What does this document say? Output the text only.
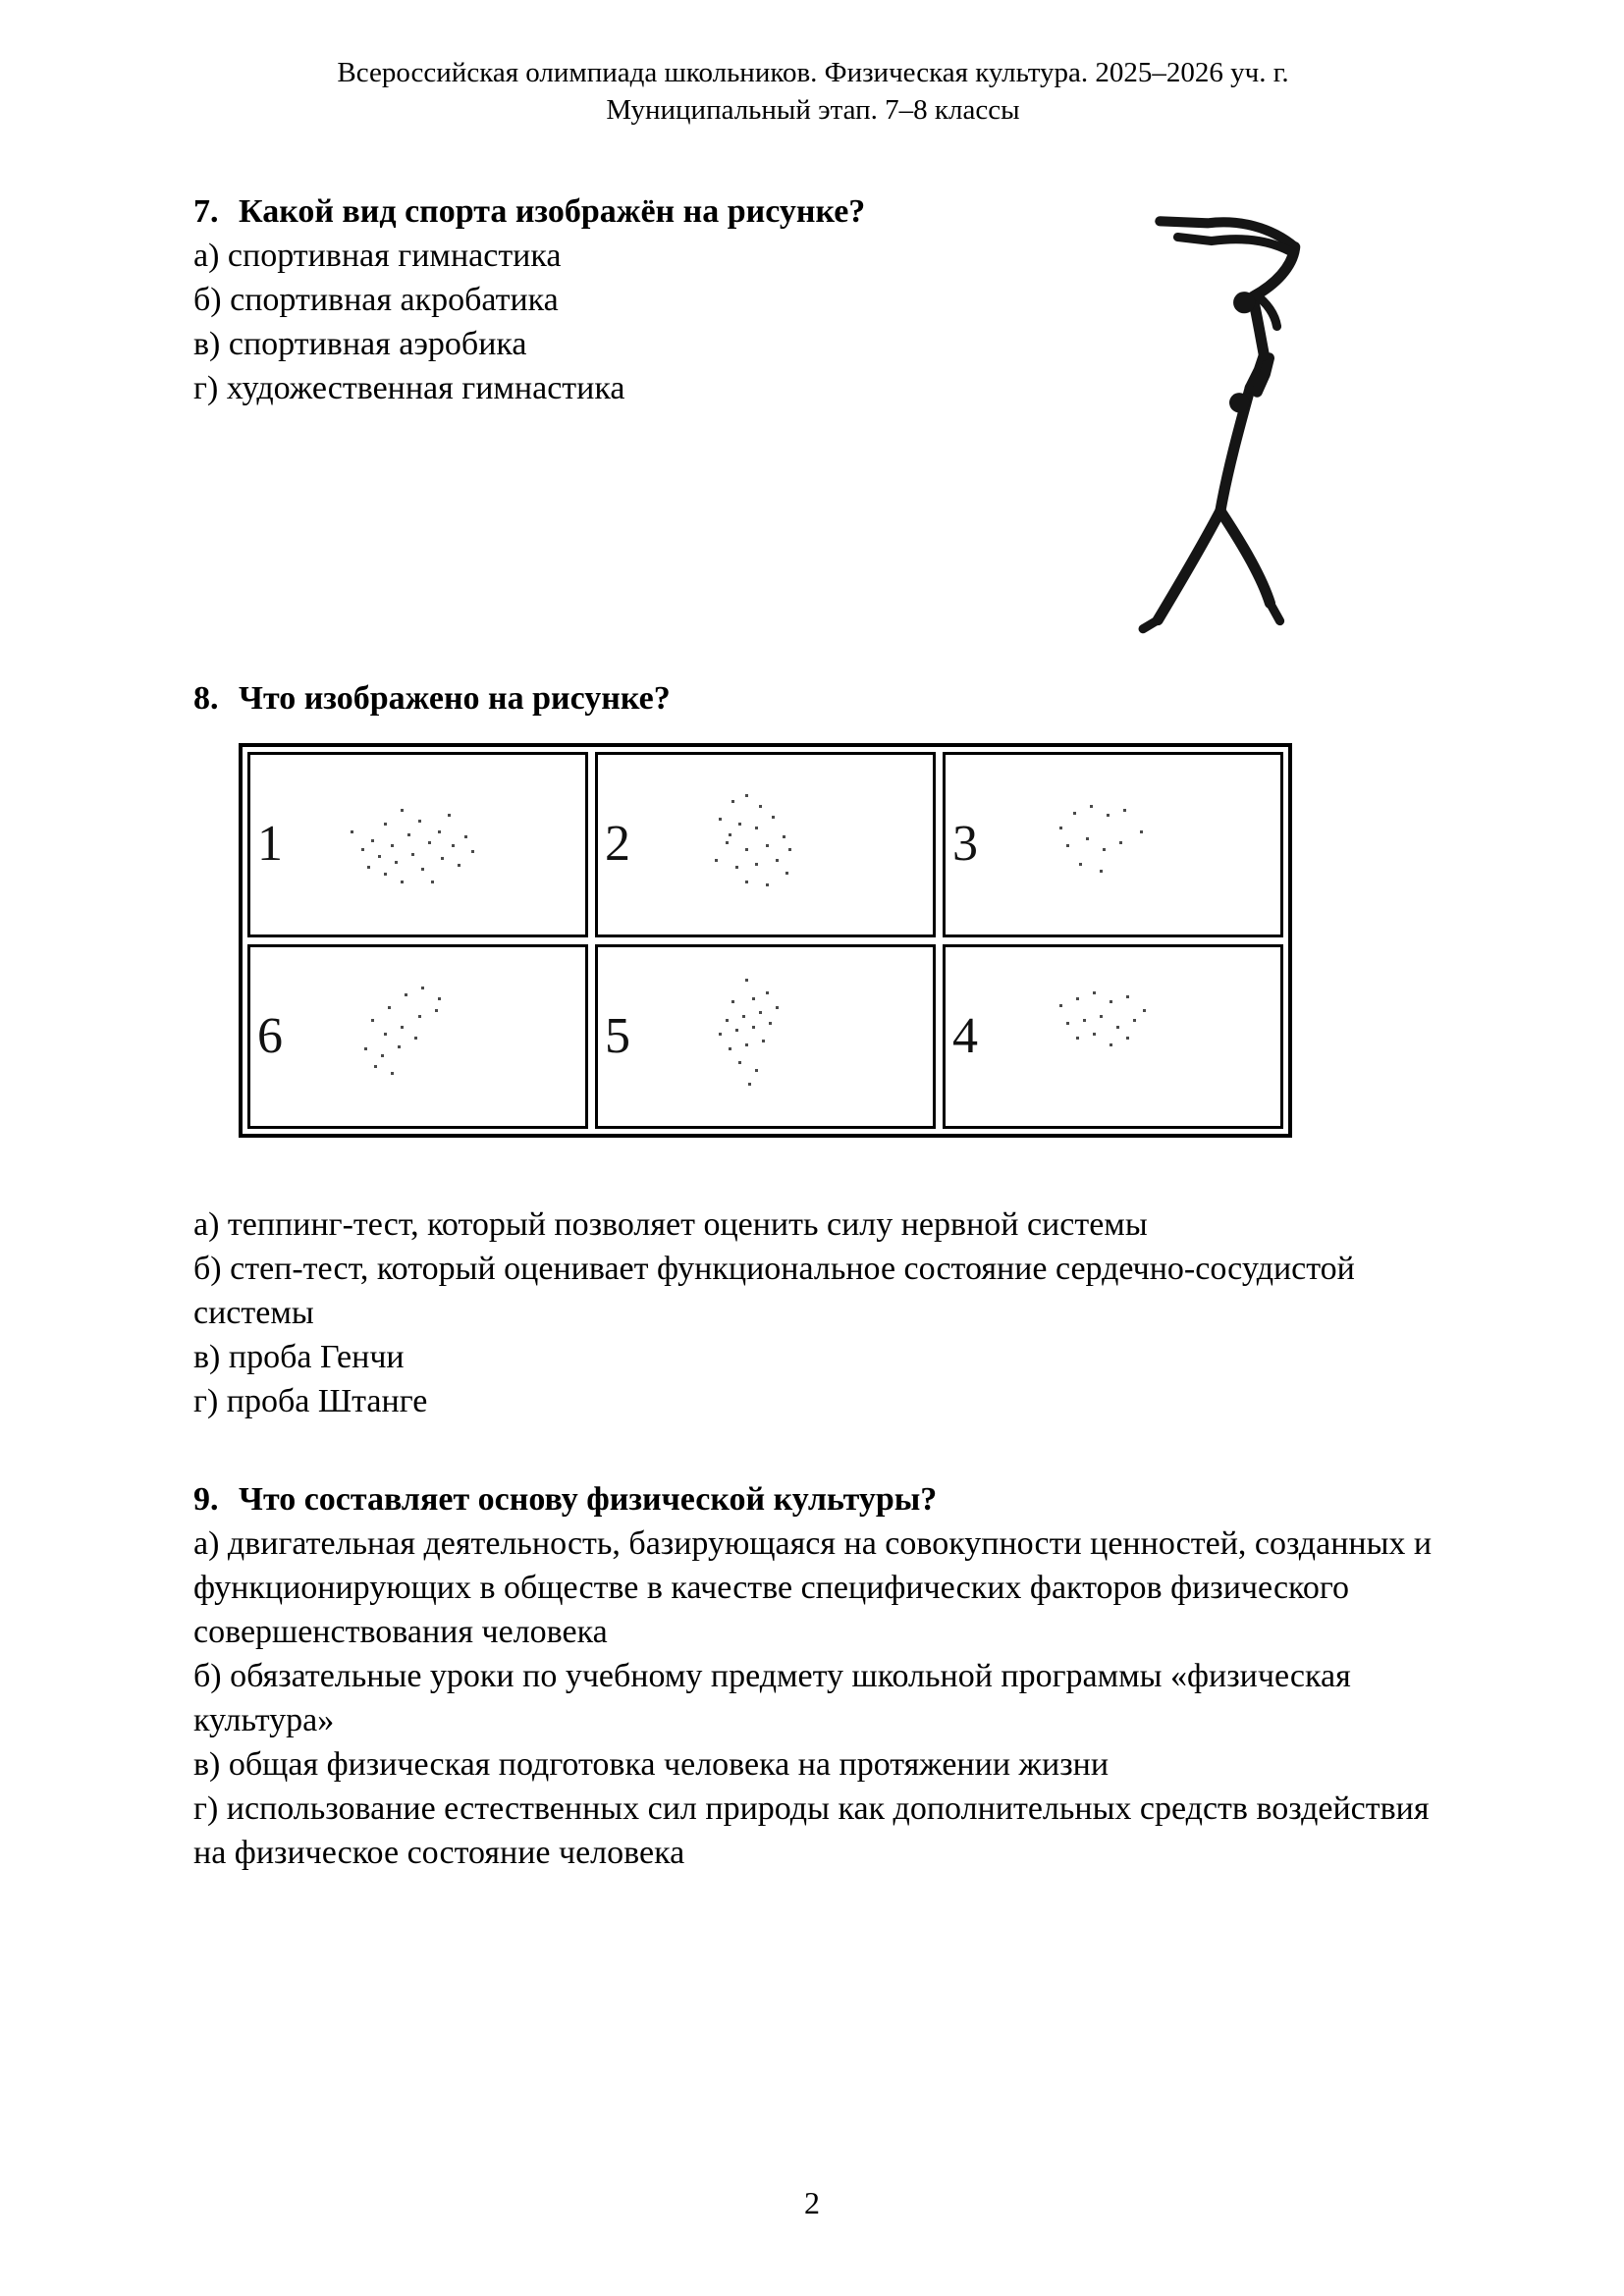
Всероссийская олимпиада школьников. Физическая культура. 2025–2026 уч. г.
Муниципальный этап. 7–8 классы
7. Какой вид спорта изображён на рисунке?
а) спортивная гимнастика
б) спортивная акробатика
в) спортивная аэробика
г) художественная гимнастика
8. Что изображено на рисунке?
1	2	3
6	5	4
а) теппинг-тест, который позволяет оценить силу нервной системы
б) степ-тест, который оценивает функциональное состояние сердечно-сосудистой системы
в) проба Генчи
г) проба Штанге
9. Что составляет основу физической культуры?
а) двигательная деятельность, базирующаяся на совокупности ценностей, созданных и функционирующих в обществе в качестве специфических факторов физического совершенствования человека
б) обязательные уроки по учебному предмету школьной программы «физическая культура»
в) общая физическая подготовка человека на протяжении жизни
г) использование естественных сил природы как дополнительных средств воздействия на физическое состояние человека
2
